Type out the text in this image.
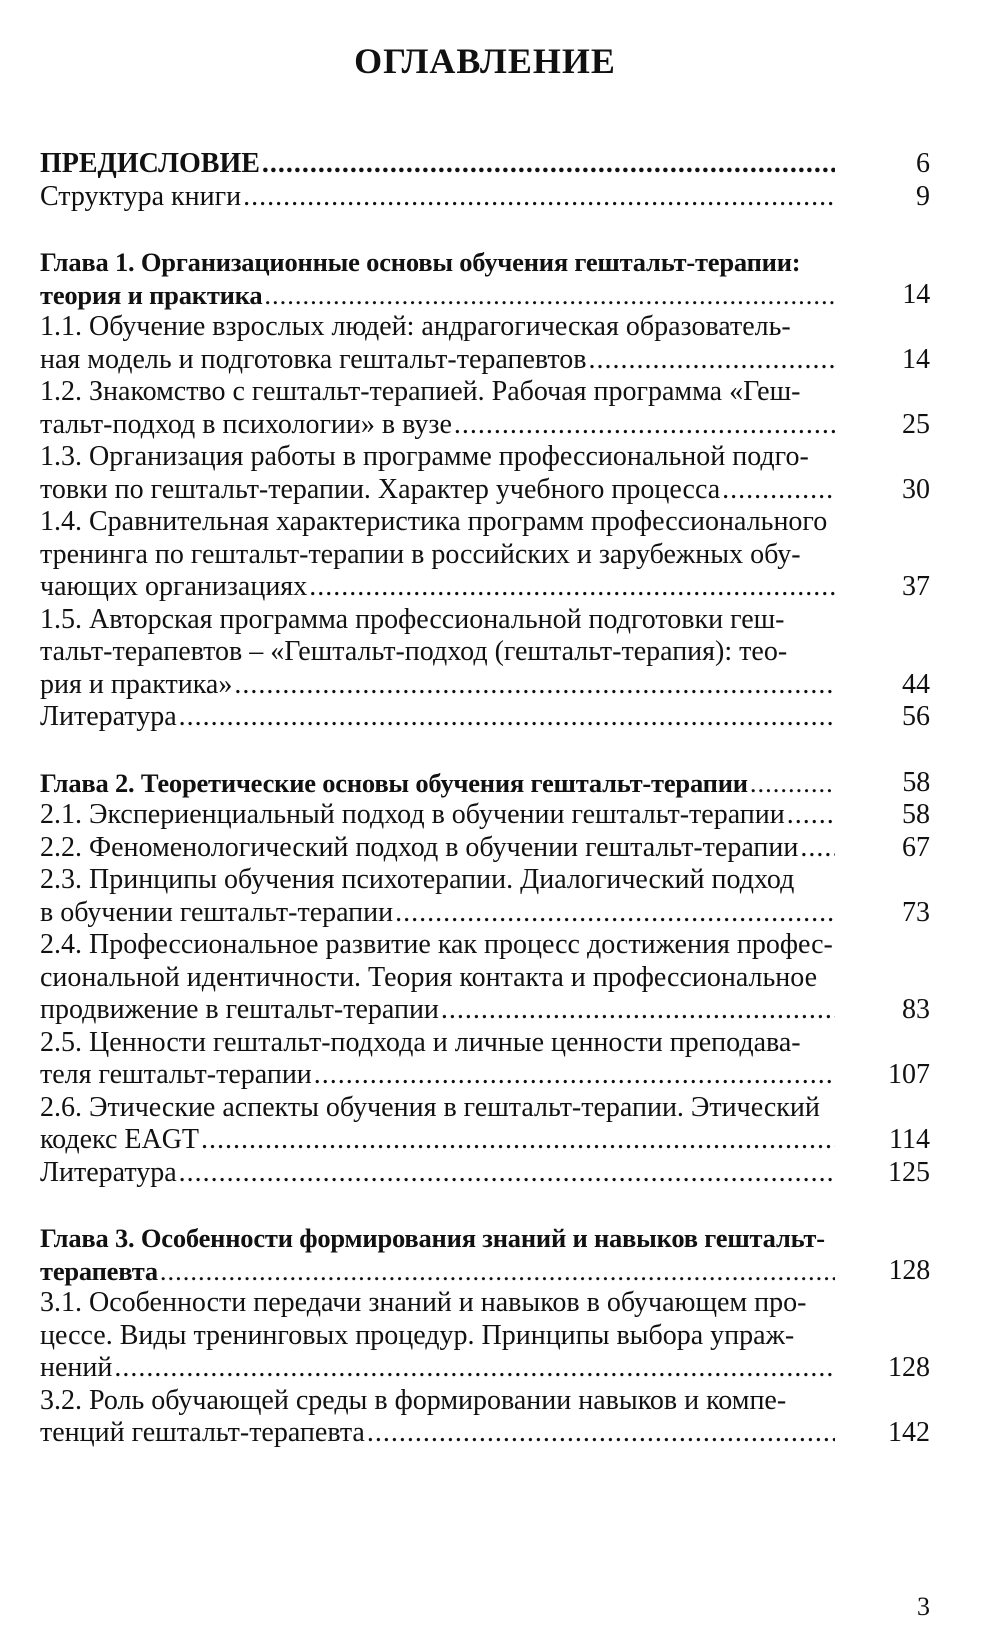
ОГЛАВЛЕНИЕ
ПРЕДИСЛОВИЕ .....	6
Структура книги .....	9
Глава 1. Организационные основы обучения гештальт-терапии:
теория и практика .....	14
1.1. Обучение взрослых людей: андрагогическая образователь-
ная модель и подготовка гештальт-терапевтов .....	14
1.2. Знакомство с гештальт-терапией. Рабочая программа «Геш-
тальт-подход в психологии» в вузе .....	25
1.3. Организация работы в программе профессиональной подго-
товки по гештальт-терапии. Характер учебного процесса .....	30
1.4. Сравнительная характеристика программ профессионального
тренинга по гештальт-терапии в российских и зарубежных обу-
чающих организациях .....	37
1.5. Авторская программа профессиональной подготовки геш-
тальт-терапевтов – «Гештальт-подход (гештальт-терапия): тео-
рия и практика» .....	44
Литература .....	56
Глава 2. Теоретические основы обучения гештальт-терапии .....	58
2.1. Экспериенциальный подход в обучении гештальт-терапии .....	58
2.2. Феноменологический подход в обучении гештальт-терапии .....	67
2.3. Принципы обучения психотерапии. Диалогический подход
в обучении гештальт-терапии .....	73
2.4. Профессиональное развитие как процесс достижения профес-
сиональной идентичности. Теория контакта и профессиональное
продвижение в гештальт-терапии .....	83
2.5. Ценности гештальт-подхода и личные ценности преподава-
теля гештальт-терапии .....	107
2.6. Этические аспекты обучения в гештальт-терапии. Этический
кодекс EAGT .....	114
Литература .....	125
Глава 3. Особенности формирования знаний и навыков гештальт-
терапевта .....	128
3.1. Особенности передачи знаний и навыков в обучающем про-
цессе. Виды тренинговых процедур. Принципы выбора упраж-
нений .....	128
3.2. Роль обучающей среды в формировании навыков и компе-
тенций гештальт-терапевта .....	142
3
